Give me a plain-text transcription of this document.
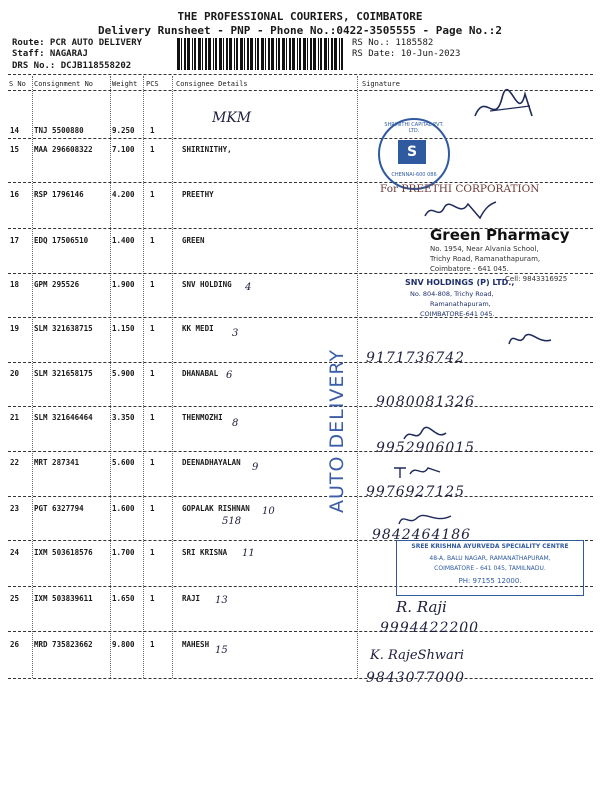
THE PROFESSIONAL COURIERS, COIMBATORE
Delivery Runsheet - PNP - Phone No.:0422-3505555 - Page No.:2
Route: PCR AUTO DELIVERY
Staff: NAGARAJ
DRS No.: DCJB118558202
RS No.: 1185582
RS Date: 10-Jun-2023
S No Consignment No	Weight PCS Consignee Details	Signature
14 TNJ 5500880	9.250 1
15 MAA 296608322	7.100 1	SHIRINITHY,
16 RSP 1796146	4.200 1	PREETHY
17 EDQ 17506510	1.400 1	GREEN
18 GPM 295526	1.900 1	SNV HOLDING
19 SLM 321638715	1.150 1	KK MEDI
20 SLM 321658175	5.900 1	DHANABAL
21 SLM 321646464	3.350 1	THENMOZHI
22 MRT 287341	5.600 1	DEENADHAYALAN
23 PGT 6327794	1.600 1	GOPALAK RISHNAN
24 IXM 503618576	1.700 1	SRI KRISNA
25 IXM 503839611	1.650 1	RAJI
26 MRD 735823662	9.800 1	MAHESH
MKM
4
3
6
8
9
10
518
11
13
15
AUTO DELIVERY
S
SHRINITHI CAPITAL PVT. LTD.
CHENNAI-600 086
For PREETHI CORPORATION
Green Pharmacy
No. 1954, Near Alvania School,
Trichy Road, Ramanathapuram,
Coimbatore - 641 045.
Cell: 9843316925
SNV HOLDINGS (P) LTD.,
No. 804-808, Trichy Road,
Ramanathapuram,
COIMBATORE-641 045.
9171736742
9080081326
9952906015
9976927125
9842464186
SREE KRISHNA AYURVEDA SPECIALITY CENTRE
48-A, BALU NAGAR, RAMANATHAPURAM,
COIMBATORE - 641 045, TAMILNADU.
PH: 97155 12000.
R. Raji
9994422200
K. RajeShwari
9843077000
